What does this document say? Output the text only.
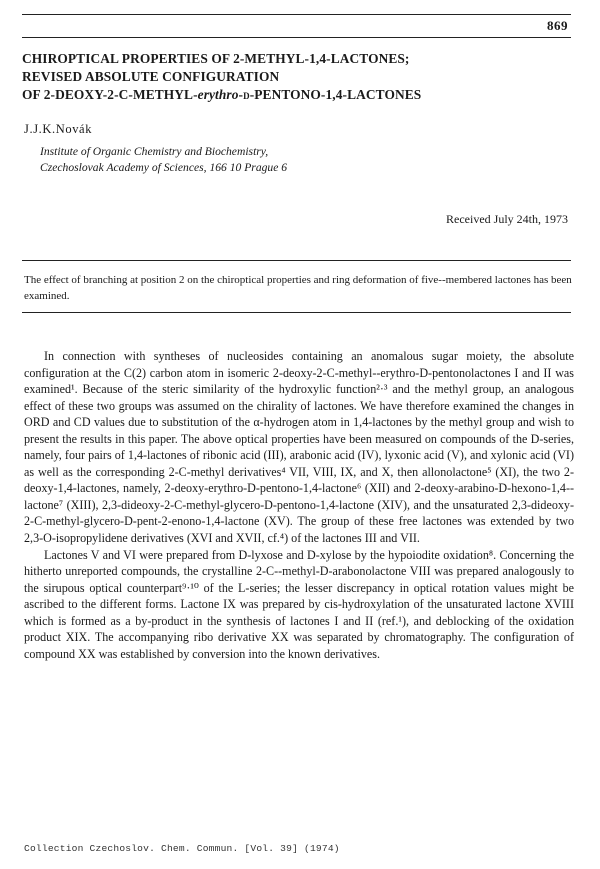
869
CHIROPTICAL PROPERTIES OF 2-METHYL-1,4-LACTONES;
REVISED ABSOLUTE CONFIGURATION
OF 2-DEOXY-2-C-METHYL-erythro-d-PENTONO-1,4-LACTONES
J.J.K.Novák
Institute of Organic Chemistry and Biochemistry,
Czechoslovak Academy of Sciences, 166 10 Prague 6
Received July 24th, 1973
The effect of branching at position 2 on the chiroptical properties and ring deformation of five--membered lactones has been examined.

In connection with syntheses of nucleosides containing an anomalous sugar moiety, the absolute configuration at the C(2) carbon atom in isomeric 2-deoxy-2-C-methyl--erythro-D-pentonolactones I and II was examined¹. Because of the steric similarity of the hydroxylic function²·³ and the methyl group, an analogous effect of these two groups was assumed on the chirality of lactones. We have therefore examined the changes in ORD and CD values due to substitution of the α-hydrogen atom in 1,4-lactones by the methyl group and wish to present the results in this paper. The above optical properties have been measured on compounds of the D-series, namely, four pairs of 1,4-lactones of ribonic acid (III), arabonic acid (IV), lyxonic acid (V), and xylonic acid (VI) as well as the corresponding 2-C-methyl derivatives⁴ VII, VIII, IX, and X, then allonolactone⁵ (XI), the two 2-deoxy-1,4-lactones, namely, 2-deoxy-erythro-D-pentono-1,4-lactone⁶ (XII) and 2-deoxy-arabino-D-hexono-1,4--lactone⁷ (XIII), 2,3-dideoxy-2-C-methyl-glycero-D-pentono-1,4-lactone (XIV), and the unsaturated 2,3-dideoxy-2-C-methyl-glycero-D-pent-2-enono-1,4-lactone (XV). The group of these free lactones was extended by two 2,3-O-isopropylidene derivatives (XVI and XVII, cf.⁴) of the lactones III and VII.

Lactones V and VI were prepared from D-lyxose and D-xylose by the hypoiodite oxidation⁸. Concerning the hitherto unreported compounds, the crystalline 2-C--methyl-D-arabonolactone VIII was prepared analogously to the sirupous optical counterpart⁹·¹⁰ of the L-series; the lesser discrepancy in optical rotation values might be ascribed to the different forms. Lactone IX was prepared by cis-hydroxylation of the unsaturated lactone XVIII which is formed as a by-product in the synthesis of lactones I and II (ref.¹), and deblocking of the oxidation product XIX. The accompanying ribo derivative XX was separated by chromatography. The configuration of compound XX was established by conversion into the known derivatives.

Collection Czechoslov. Chem. Commun. [Vol. 39] (1974)
